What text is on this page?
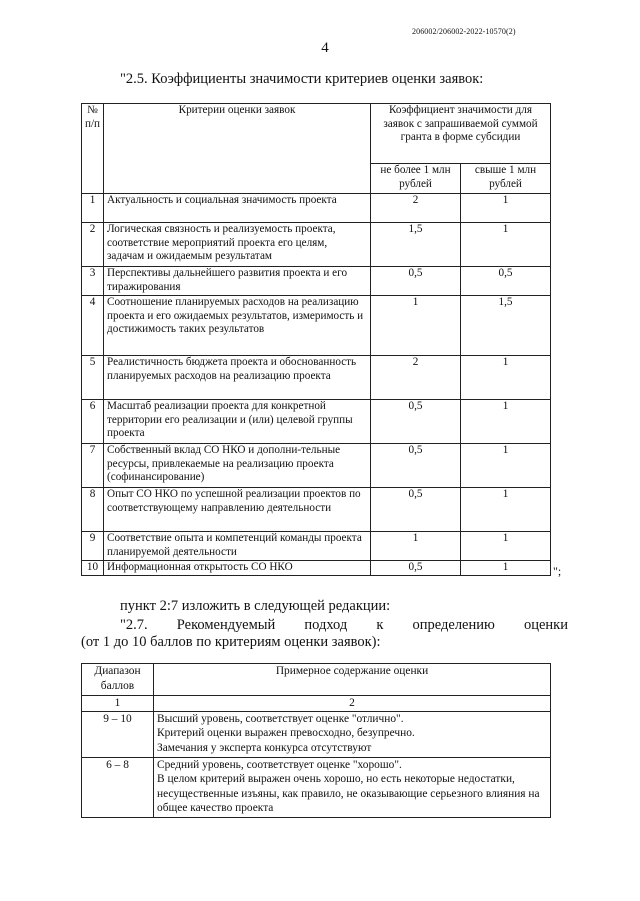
206002/206002-2022-10570(2)
4
"2.5. Коэффициенты значимости критериев оценки заявок:
№ п/п	Критерии оценки заявок	Коэффициент значимости для заявок с запрашиваемой суммой гранта в форме субсидии	
		не более 1 млн рублей	свыше 1 млн рублей
1	Актуальность и социальная значимость проекта	2	1
2	Логическая связность и реализуемость проекта, соответствие мероприятий проекта его целям, задачам и ожидаемым результатам	1,5	1
3	Перспективы дальнейшего развития проекта и его тиражирования	0,5	0,5
4	Соотношение планируемых расходов на реализацию проекта и его ожидаемых результатов, измеримость и достижимость таких результатов	1	1,5
5	Реалистичность бюджета проекта и обоснованность планируемых расходов на реализацию проекта	2	1
6	Масштаб реализации проекта для конкретной территории его реализации и (или) целевой группы проекта	0,5	1
7	Собственный вклад СО НКО и дополни-тельные ресурсы, привлекаемые на реализацию проекта (софинансирование)	0,5	1
8	Опыт СО НКО по успешной реализации проектов по соответствующему направлению деятельности	0,5	1
9	Соответствие опыта и компетенций команды проекта планируемой деятельности	1	1
10	Информационная открытость СО НКО	0,5	1	";
пункт 2:7 изложить в следующей редакции:
"2.7. Рекомендуемый подход к определению оценки
(от 1 до 10 баллов по критериям оценки заявок):
Диапазон баллов	Примерное содержание оценки
1	2
9 – 10	Высший уровень, соответствует оценке "отлично".
Критерий оценки выражен превосходно, безупречно.
Замечания у эксперта конкурса отсутствуют

6 – 8	Средний уровень, соответствует оценке "хорошо".
В целом критерий выражен очень хорошо, но есть некоторые недостатки, несущественные изъяны, как правило, не оказывающие серьезного влияния на общее качество проекта
